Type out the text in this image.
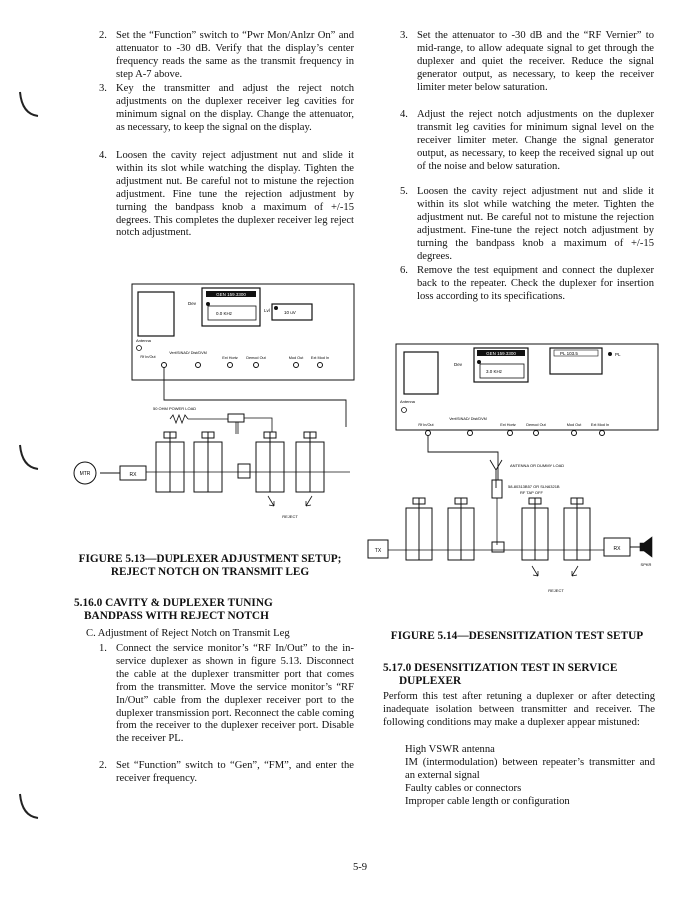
2. Set the “Function” switch to “Pwr Mon/Anlzr On” and attenuator to -30 dB. Verify that the display’s center frequency reads the same as the transmit frequency in step A-7 above.
3. Key the transmitter and adjust the reject notch adjustments on the duplexer receiver leg cavities for minimum signal on the display. Change the attenuator, as necessary, to keep the signal on the display.
4. Loosen the cavity reject adjustment nut and slide it within its slot while watching the display. Tighten the adjustment nut. Be careful not to mistune the rejection adjustment. Fine tune the rejection adjustment by turning the bandpass knob a maximum of +/-15 degrees. This completes the duplexer receiver leg reject notch adjustment.
3. Set the attenuator to -30 dB and the “RF Vernier” to mid-range, to allow adequate signal to get through the duplexer and quiet the receiver. Reduce the signal generator output, as necessary, to keep the receiver limiter meter below saturation.
4. Adjust the reject notch adjustments on the duplexer transmit leg cavities for minimum signal level on the receiver limiter meter. Change the signal generator output, as necessary, to keep the received signal up out of the noise and below saturation.
5. Loosen the cavity reject adjustment nut and slide it within its slot while watching the meter. Tighten the adjustment nut. Be careful not to mistune the rejection adjustment. Fine-tune the reject notch adjustment by turning the bandpass knob a maximum of +/-15 degrees.
6. Remove the test equipment and connect the duplexer back to the repeater. Check the duplexer for insertion loss according to its specifications.
GEN 159.3300
0.0 KHz
Dev
Lvl	10 uV
Antenna
Rf In/Out
Vert/SINAD/ Dist/DVM
Ext Hortz Demod Out	Mod Out Ext Mod In
50 OHM POWER LOAD
RX
MTR
REJECT
FIGURE 5.13—DUPLEXER ADJUSTMENT SETUP;
REJECT NOTCH ON TRANSMIT LEG
5.16.0 CAVITY & DUPLEXER TUNING
BANDPASS WITH REJECT NOTCH
C. Adjustment of Reject Notch on Transmit Leg
1. Connect the service monitor’s “RF In/Out” to the in-service duplexer as shown in figure 5.13. Disconnect the cable at the duplexer transmitter port that comes from the transmitter. Move the service monitor’s “RF In/Out” cable from the duplexer receiver port to the duplexer transmission port. Reconnect the cable coming from the receiver to the duplexer receiver port. Disable the receiver PL.
2. Set “Function” switch to “Gen”, “FM”, and enter the receiver frequency.
GEN 159.3300
3.0 KHz
Dev
PL 103.5	PL
Antenna
Rf In/Out
Vert/SINAD/ Dist/DVM
Ext Hortz	Demod Out	Mod Out	Ext Mod In
ANTENNA OR DUMMY LOAD
58-80313B57 OR SLN6321B
RF TAP OFF
TX	RX
SPKR
REJECT
FIGURE 5.14—DESENSITIZATION TEST SETUP
5.17.0 DESENSITIZATION TEST IN SERVICE
DUPLEXER
Perform this test after retuning a duplexer or after detecting inadequate isolation between transmitter and receiver. The following conditions may make a duplexer appear mistuned:
High VSWR antenna
IM (intermodulation) between repeater’s transmitter and an external signal
Faulty cables or connectors
Improper cable length or configuration
5-9
